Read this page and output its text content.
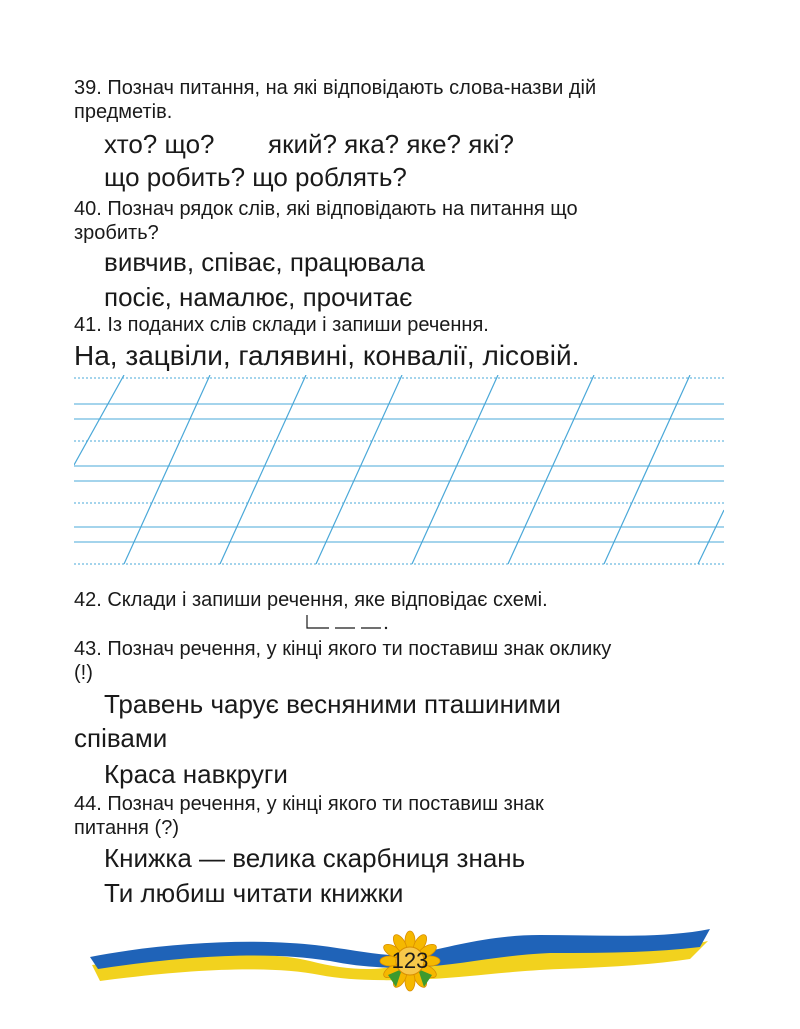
39. Познач питання, на які відповідають слова-назви дій

предметів.

хто? що? який? яка? яке? які?

що робить? що роблять?

40. Познач рядок слів, які відповідають на питання що

зробить?

вивчив, співає, працювала

посіє, намалює, прочитає

41. Із поданих слів склади і запиши речення.

На, зацвіли, галявині, конвалії, лісовій.

42. Склади і запиши речення, яке відповідає схемі.

43. Познач речення, у кінці якого ти поставиш знак оклику

(!)

Травень чарує весняними пташиними

співами

Краса навкруги

44. Познач речення, у кінці якого ти поставиш знак

питання (?)

Книжка — велика скарбниця знань

Ти любиш читати книжки

123
